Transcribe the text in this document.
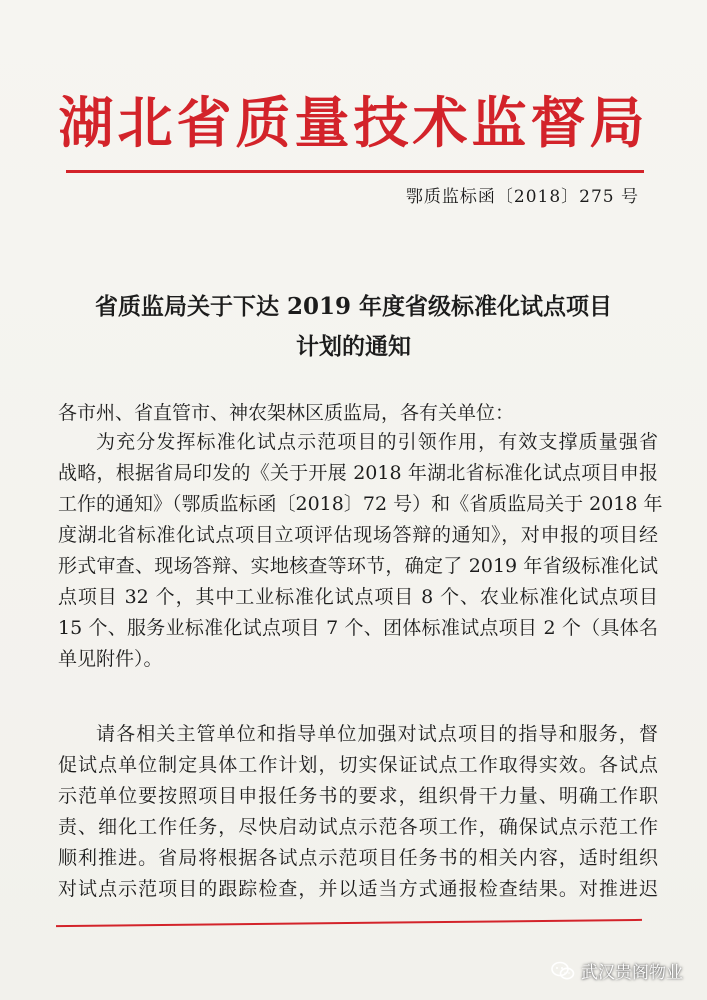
湖北省质量技术监督局
鄂质监标函〔2018〕275 号
省质监局关于下达 2019 年度省级标准化试点项目
计划的通知
各市州、省直管市、神农架林区质监局，各有关单位：
为充分发挥标准化试点示范项目的引领作用，有效支撑质量强省
战略，根据省局印发的《关于开展 2018 年湖北省标准化试点项目申报
工作的通知》（鄂质监标函〔2018〕72 号）和《省质监局关于 2018 年
度湖北省标准化试点项目立项评估现场答辩的通知》，对申报的项目经
形式审查、现场答辩、实地核查等环节，确定了 2019 年省级标准化试
点项目 32 个，其中工业标准化试点项目 8 个、农业标准化试点项目
15 个、服务业标准化试点项目 7 个、团体标准试点项目 2 个（具体名
单见附件）。
请各相关主管单位和指导单位加强对试点项目的指导和服务，督
促试点单位制定具体工作计划，切实保证试点工作取得实效。各试点
示范单位要按照项目申报任务书的要求，组织骨干力量、明确工作职
责、细化工作任务，尽快启动试点示范各项工作，确保试点示范工作
顺利推进。省局将根据各试点示范项目任务书的相关内容，适时组织
对试点示范项目的跟踪检查，并以适当方式通报检查结果。对推进迟
武汉贵阁物业
